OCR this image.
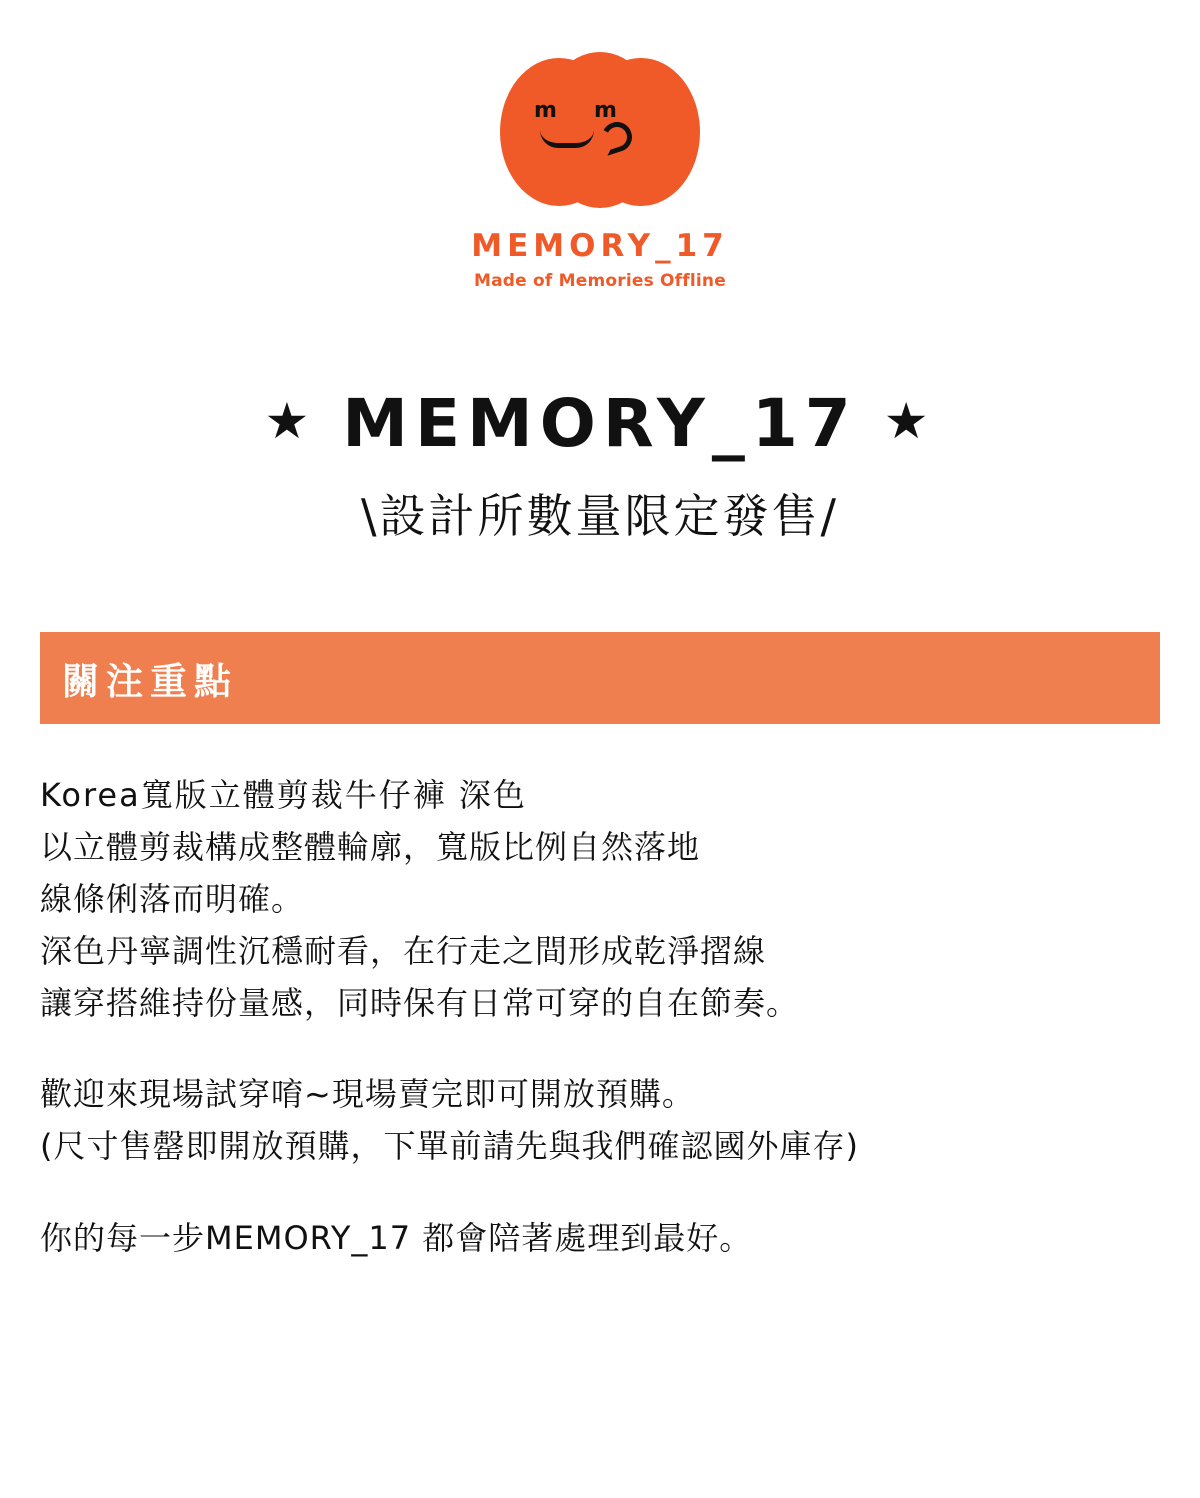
m m
MEMORY_17
Made of Memories Offline
★ MEMORY_17 ★
\設計所數量限定發售/
關注重點

Korea寬版立體剪裁牛仔褲 深色

以立體剪裁構成整體輪廓，寬版比例自然落地

線條俐落而明確。

深色丹寧調性沉穩耐看，在行走之間形成乾淨摺線

讓穿搭維持份量感，同時保有日常可穿的自在節奏。

歡迎來現場試穿唷~現場賣完即可開放預購。

(尺寸售罄即開放預購，下單前請先與我們確認國外庫存)

你的每一步MEMORY_17 都會陪著處理到最好。
